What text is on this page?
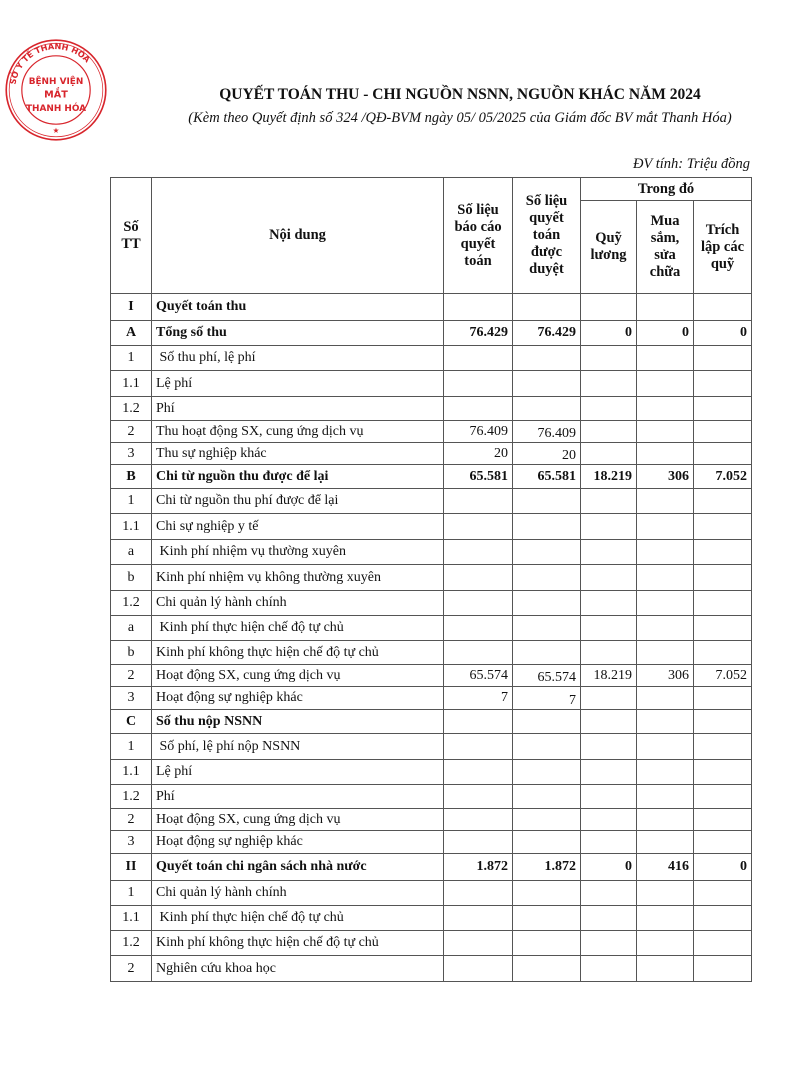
QUYẾT TOÁN THU - CHI NGUỒN NSNN, NGUỒN KHÁC NĂM 2024
(Kèm theo Quyết định số 324 /QĐ-BVM ngày 05/ 05/2025 của Giám đốc BV mắt Thanh Hóa)
ĐV tính: Triệu đồng
Số TT	Nội dung	Số liệu báo cáo quyết toán	Số liệu quyết toán được duyệt	Trong đó		
				Quỹ lương	Mua sắm, sửa chữa	Trích lập các quỹ
I	Quyết toán thu					
A	Tổng số thu	76.429	76.429	0	0	0
1	Số thu phí, lệ phí					
1.1	Lệ phí					
1.2	Phí					
2	Thu hoạt động SX, cung ứng dịch vụ	76.409	76.409			
3	Thu sự nghiệp khác	20	20			
B	Chi từ nguồn thu được để lại	65.581	65.581	18.219	306	7.052
1	Chi từ nguồn thu phí được để lại					
1.1	Chi sự nghiệp y tế					
a	Kinh phí nhiệm vụ thường xuyên					
b	Kinh phí nhiệm vụ không thường xuyên					
1.2	Chi quản lý hành chính					
a	Kinh phí thực hiện chế độ tự chủ					
b	Kinh phí không thực hiện chế độ tự chủ					
2	Hoạt động SX, cung ứng dịch vụ	65.574	65.574	18.219	306	7.052
3	Hoạt động sự nghiệp khác	7	7			
C	Số thu nộp NSNN					
1	Số phí, lệ phí nộp NSNN					
1.1	Lệ phí					
1.2	Phí					
2	Hoạt động SX, cung ứng dịch vụ					
3	Hoạt động sự nghiệp khác					
II	Quyết toán chi ngân sách nhà nước	1.872	1.872	0	416	0
1	Chi quản lý hành chính					
1.1	Kinh phí thực hiện chế độ tự chủ					
1.2	Kinh phí không thực hiện chế độ tự chủ					
2	Nghiên cứu khoa học					
SỞ Y TẾ THANH HÓA
BỆNH VIỆN
MẮT
THANH HÓA
★
